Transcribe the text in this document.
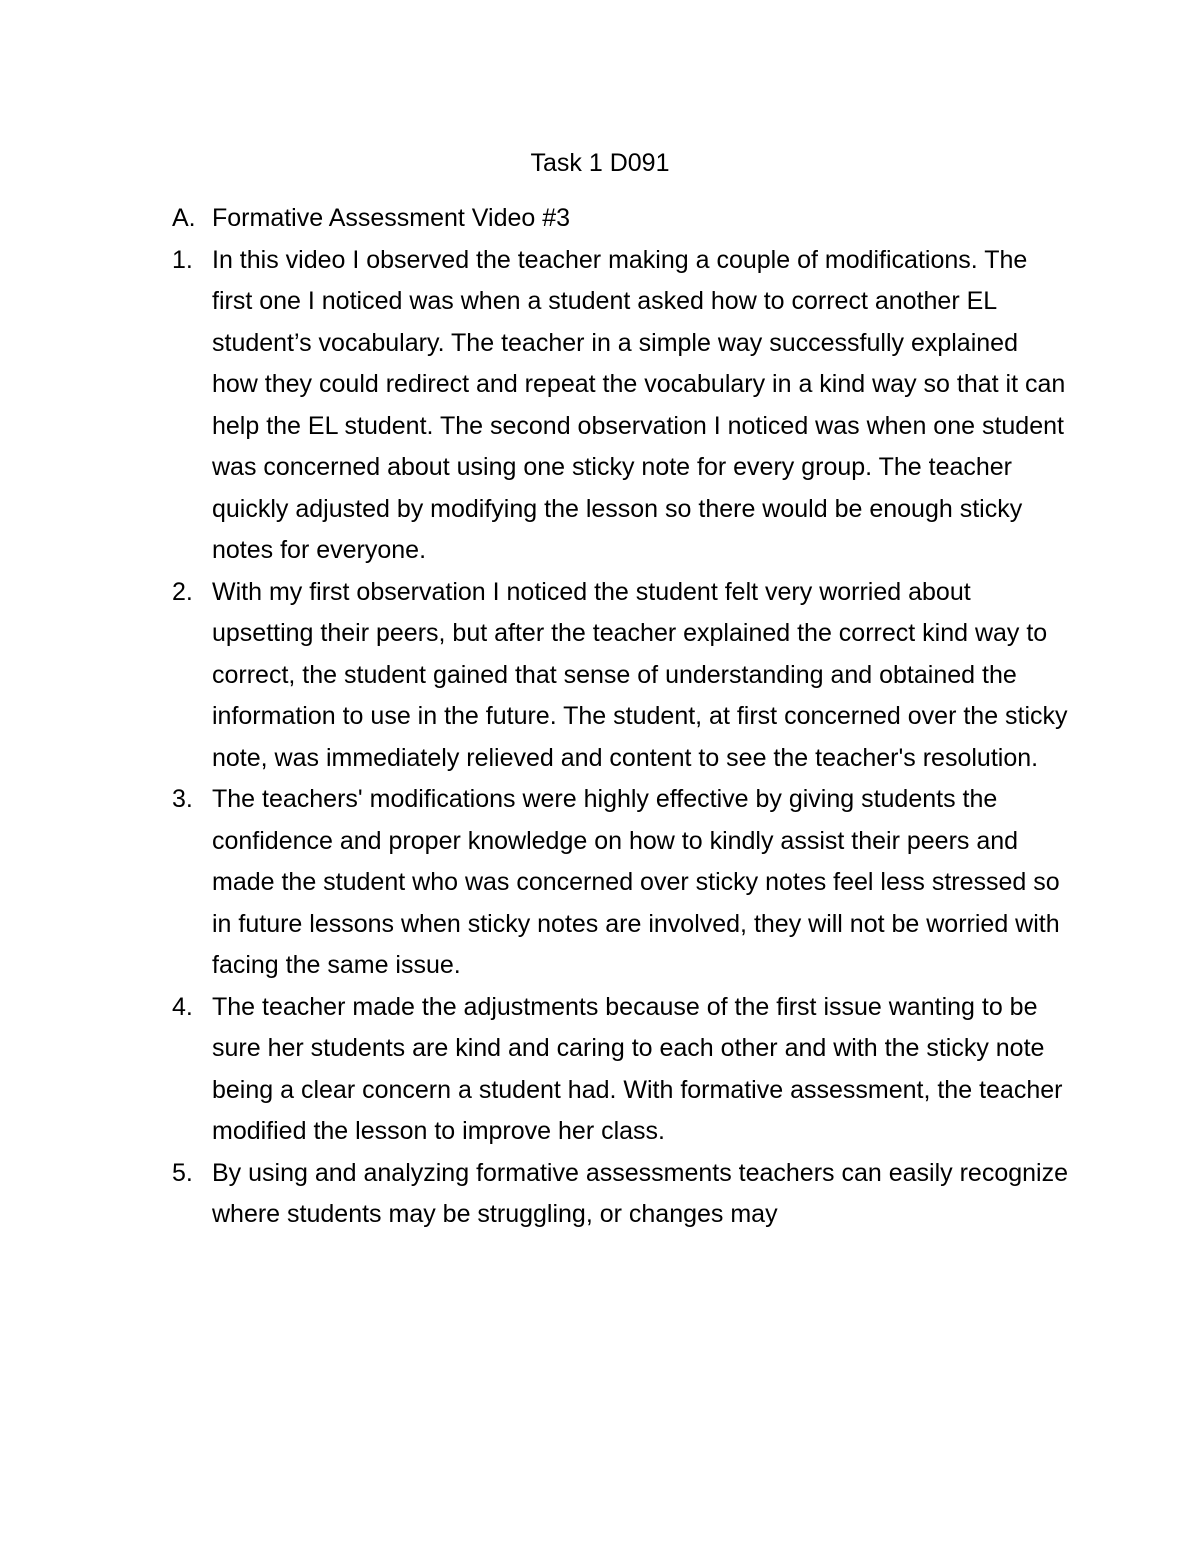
Task 1 D091
A. Formative Assessment Video #3
1. In this video I observed the teacher making a couple of modifications. The first one I noticed was when a student asked how to correct another EL student’s vocabulary. The teacher in a simple way successfully explained how they could redirect and repeat the vocabulary in a kind way so that it can help the EL student. The second observation I noticed was when one student was concerned about using one sticky note for every group. The teacher quickly adjusted by modifying the lesson so there would be enough sticky notes for everyone.
2. With my first observation I noticed the student felt very worried about upsetting their peers, but after the teacher explained the correct kind way to correct, the student gained that sense of understanding and obtained the information to use in the future. The student, at first concerned over the sticky note, was immediately relieved and content to see the teacher's resolution.
3. The teachers' modifications were highly effective by giving students the confidence and proper knowledge on how to kindly assist their peers and made the student who was concerned over sticky notes feel less stressed so in future lessons when sticky notes are involved, they will not be worried with facing the same issue.
4. The teacher made the adjustments because of the first issue wanting to be sure her students are kind and caring to each other and with the sticky note being a clear concern a student had. With formative assessment, the teacher modified the lesson to improve her class.
5. By using and analyzing formative assessments teachers can easily recognize where students may be struggling, or changes may
